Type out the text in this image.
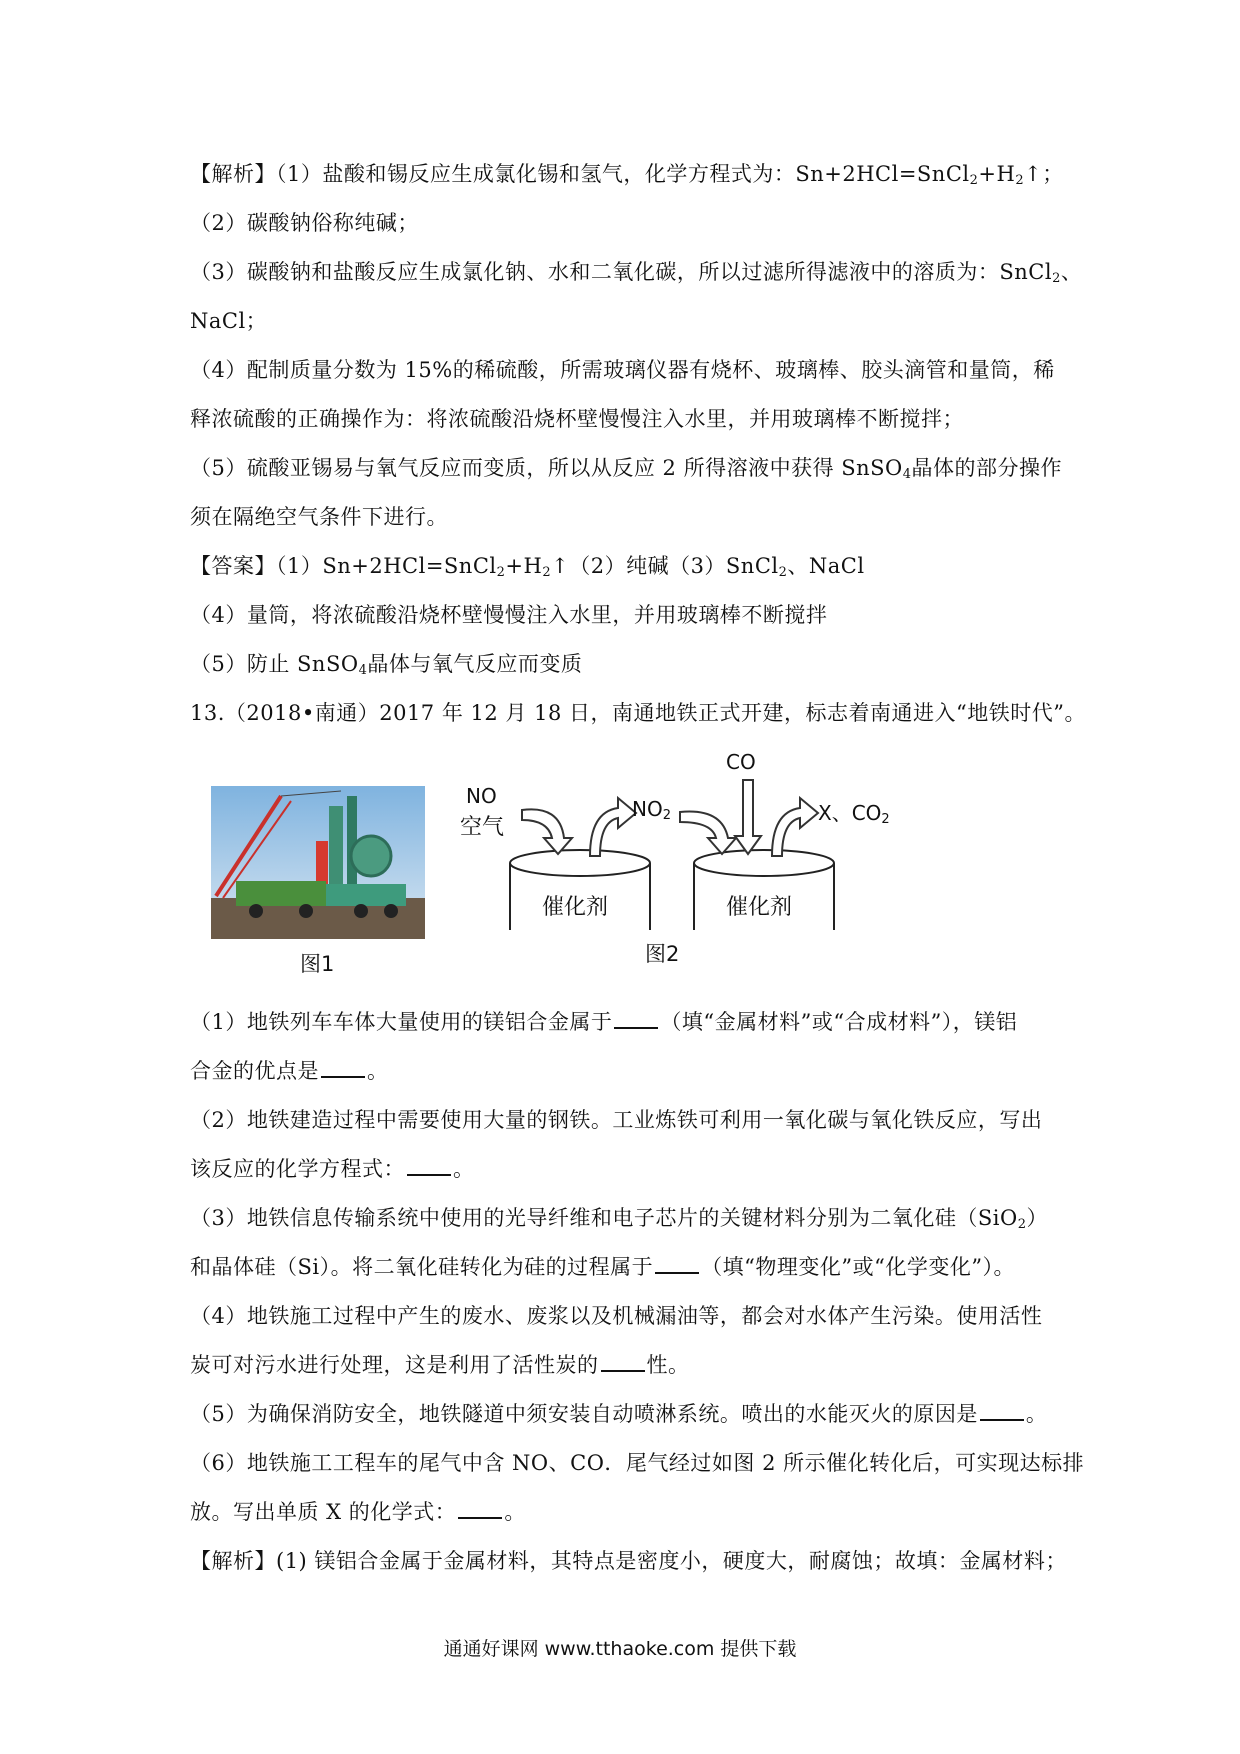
【解析】（1）盐酸和锡反应生成氯化锡和氢气，化学方程式为：$Sn+2HCl=SnCl_2+H_2↑$；
（2）碳酸钠俗称纯碱；
（3）碳酸钠和盐酸反应生成氯化钠、水和二氧化碳，所以过滤所得滤液中的溶质为：SnCl$_2$、
NaCl；
（4）配制质量分数为 15%的稀硫酸，所需玻璃仪器有烧杯、玻璃棒、胶头滴管和量筒，稀
释浓硫酸的正确操作为：将浓硫酸沿烧杯壁慢慢注入水里，并用玻璃棒不断搅拌；
（5）硫酸亚锡易与氧气反应而变质，所以从反应 2 所得溶液中获得 SnSO$_4$晶体的部分操作
须在隔绝空气条件下进行。
【答案】$(1)Sn+2HCl=SnCl_2+H_2↑(2)$纯碱（3）SnCl$_2$、NaCl
（4）量筒，将浓硫酸沿烧杯壁慢慢注入水里，并用玻璃棒不断搅拌
（5）防止 SnSO$_4$晶体与氧气反应而变质
13.（2018•南通）2017 年 12 月 18 日，南通地铁正式开建，标志着南通进入“地铁时代”。
图1
NO
空气
$NO_2$
CO
X、$CO_2$
催化剂	催化剂
图2
（1）地铁列车车体大量使用的镁铝合金属于 （填“金属材料”或“合成材料”），镁铝
合金的优点是 。
（2）地铁建造过程中需要使用大量的钢铁。工业炼铁可利用一氧化碳与氧化铁反应，写出
该反应的化学方程式： 。
（3）地铁信息传输系统中使用的光导纤维和电子芯片的关键材料分别为二氧化硅（SiO$_2$）
和晶体硅（Si）。将二氧化硅转化为硅的过程属于 （填“物理变化”或“化学变化”）。
（4）地铁施工过程中产生的废水、废浆以及机械漏油等，都会对水体产生污染。使用活性
炭可对污水进行处理，这是利用了活性炭的 性。
（5）为确保消防安全，地铁隧道中须安装自动喷淋系统。喷出的水能灭火的原因是 。
（6）地铁施工工程车的尾气中含 NO、CO．尾气经过如图 2 所示催化转化后，可实现达标排
放。写出单质 X 的化学式： 。
【解析】(1) 镁铝合金属于金属材料，其特点是密度小，硬度大，耐腐蚀；故填：金属材料；
通通好课网 www.tthaoke.com 提供下载
